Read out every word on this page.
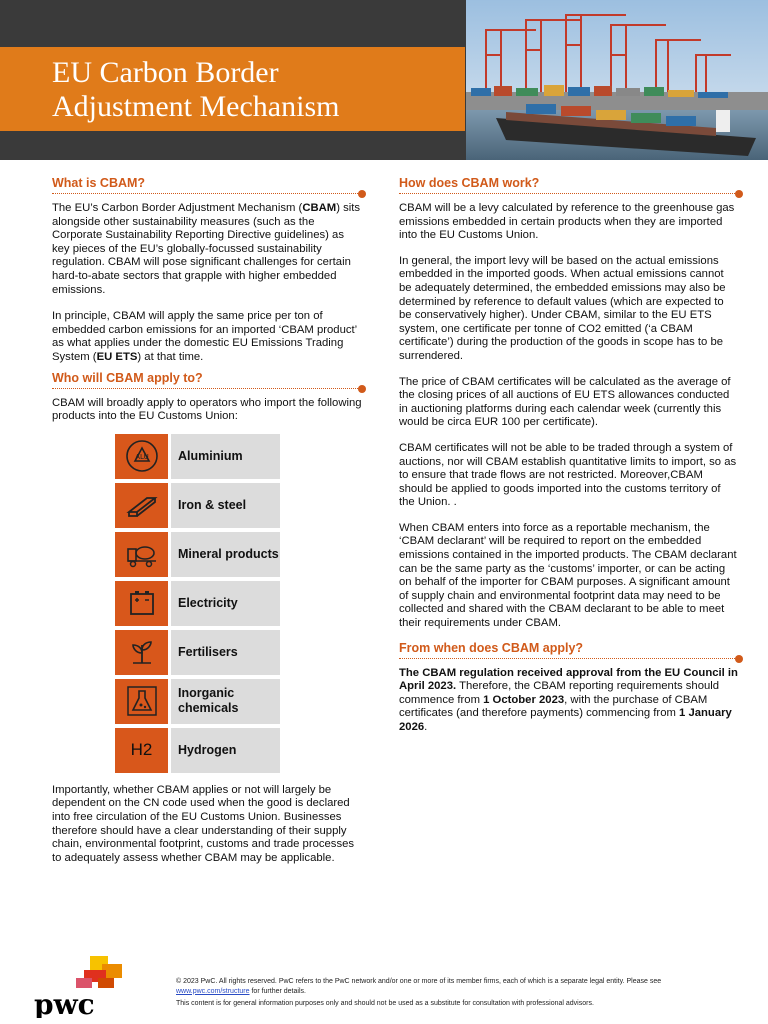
EU Carbon Border
Adjustment Mechanism
What is CBAM?

The EU’s Carbon Border Adjustment Mechanism (CBAM) sits alongside other sustainability measures (such as the Corporate Sustainability Reporting Directive guidelines) as key pieces of the EU’s globally-focussed sustainability regulation. CBAM will pose significant challenges for certain hard-to-abate sectors that grapple with higher embedded emissions.

In principle, CBAM will apply the same price per ton of embedded carbon emissions for an imported ‘CBAM product’ as what applies under the domestic EU Emissions Trading System (EU ETS) at that time.

Who will CBAM apply to?

CBAM will broadly apply to operators who import the following products into the EU Customs Union:

ALU	Aluminium
Iron & steel
Mineral products
Electricity
Fertilisers
Inorganic chemicals
H2	Hydrogen

Importantly, whether CBAM applies or not will largely be dependent on the CN code used when the good is declared into free circulation of the EU Customs Union. Businesses therefore should have a clear understanding of their supply chain, environmental footprint, customs and trade processes to adequately assess whether CBAM may be applicable.

How does CBAM work?

CBAM will be a levy calculated by reference to the greenhouse gas emissions embedded in certain products when they are imported into the EU Customs Union.

In general, the import levy will be based on the actual emissions embedded in the imported goods. When actual emissions cannot be adequately determined, the embedded emissions may also be determined by reference to default values (which are expected to be conservatively higher). Under CBAM, similar to the EU ETS system, one certificate per tonne of CO2 emitted (‘a CBAM certificate’) during the production of the goods in scope has to be surrendered.

The price of CBAM certificates will be calculated as the average of the closing prices of all auctions of EU ETS allowances conducted in auctioning platforms during each calendar week (currently this would be circa EUR 100 per certificate).

CBAM certificates will not be able to be traded through a system of auctions, nor will CBAM establish quantitative limits to import, so as to ensure that trade flows are not restricted. Moreover,CBAM should be applied to goods imported into the customs territory of the Union. .

When CBAM enters into force as a reportable mechanism, the ‘CBAM declarant’ will be required to report on the embedded emissions contained in the imported products. The CBAM declarant can be the same party as the ‘customs’ importer, or can be acting on behalf of the importer for CBAM purposes. A significant amount of supply chain and environmental footprint data may need to be collected and shared with the CBAM declarant to be able to meet their requirements under CBAM.

From when does CBAM apply?

The CBAM regulation received approval from the EU Council in April 2023. Therefore, the CBAM reporting requirements should commence from 1 October 2023, with the purchase of CBAM certificates (and therefore payments) commencing from 1 January 2026.

pwc
© 2023 PwC. All rights reserved. PwC refers to the PwC network and/or one or more of its member firms, each of which is a separate legal entity. Please see
www.pwc.com/structure for further details.
This content is for general information purposes only and should not be used as a substitute for consultation with professional advisors.
